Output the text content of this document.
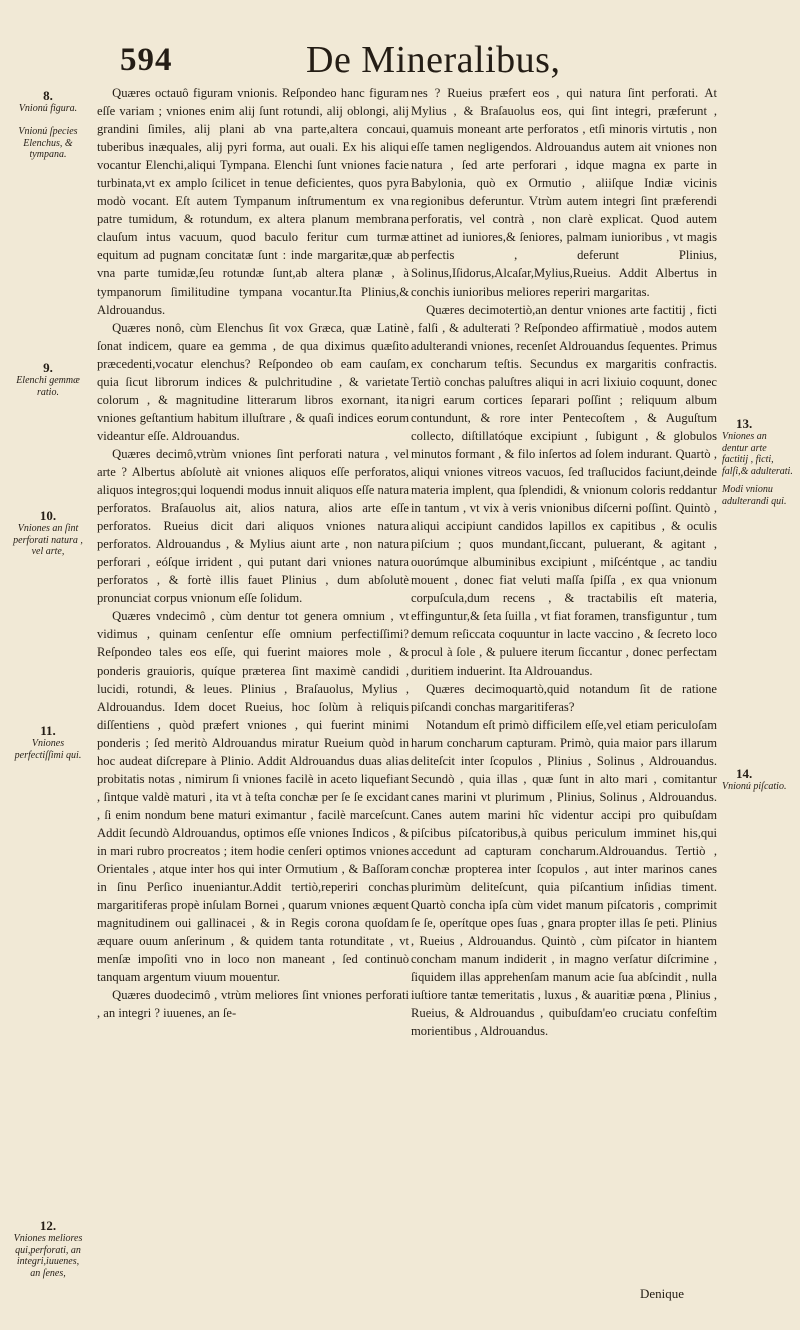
594	De Mineralibus,
8.
Vnionú figura.
Vnionú ſpecies Elenchus, & tympana.
9.
Elenchi gemmæ ratio.
10.
Vniones an ſint perforati natura , vel arte,
11.
Vniones perfectiſſimi qui.
12.
Vniones meliores qui,perforati, an integri,iuuenes, an ſenes,

Quæres octauô figuram vnionis. Reſpondeo hanc figuram eſſe variam ; vniones enim alij ſunt rotundi, alij oblongi, alij grandini ſimiles, alij plani ab vna parte,altera concaui, tuberibus inæquales, alij pyri forma, aut ouali. Ex his aliqui vocantur Elenchi,aliqui Tympana. Elenchi ſunt vniones facie turbinata,vt ex amplo ſcilicet in tenue deficientes, quos pyra modò vocant. Eſt autem Tympanum inſtrumentum ex vna patre tumidum, & rotundum, ex altera planum membrana clauſum intus vacuum, quod baculo feritur cum turmæ equitum ad pugnam concitatæ ſunt : inde margaritæ,quæ ab vna parte tumidæ,ſeu rotundæ ſunt,ab altera planæ , à tympanorum ſimilitudine tympana vocantur.Ita Plinius,& Aldrouandus.

Quæres nonô, cùm Elenchus ſit vox Græca, quæ Latinè ſonat indicem, quare ea gemma , de qua diximus quæſito præcedenti,vocatur elenchus? Reſpondeo ob eam cauſam, quia ſicut librorum indices & pulchritudine , & varietate colorum , & magnitudine litterarum libros exornant, ita vniones geſtantium habitum illuſtrare , & quaſi indices eorum videantur eſſe. Aldrouandus.

Quæres decimô,vtrùm vniones ſint perforati natura , vel arte ? Albertus abſolutè ait vniones aliquos eſſe perforatos, aliquos integros;qui loquendi modus innuit aliquos eſſe natura perforatos. Braſauolus ait, alios natura, alios arte eſſe perforatos. Rueius dicit dari aliquos vniones natura perforatos. Aldrouandus , & Mylius aiunt arte , non natura perforari , eóſque irrident , qui putant dari vniones natura perforatos , & fortè illis fauet Plinius , dum abſolutè pronunciat corpus vnionum eſſe ſolidum.

Quæres vndecimô , cùm dentur tot genera omnium , vt vidimus , quinam cenſentur eſſe omnium perfectiſſimi?Reſpondeo tales eos eſſe, qui fuerint maiores mole , & ponderis grauioris, quíque præterea ſint maximè candidi , lucidi, rotundi, & leues. Plinius , Braſauolus, Mylius , Aldrouandus. Idem docet Rueius, hoc ſolùm à reliquis diſſentiens , quòd præfert vniones , qui fuerint minimi ponderis ; ſed meritò Aldrouandus miratur Rueium quòd in hoc audeat diſcrepare à Plinio. Addit Aldrouandus duas alias probitatis notas , nimirum ſi vniones facilè in aceto liquefiant , ſintque valdè maturi , ita vt à teſta conchæ per ſe ſe excidant , ſi enim nondum bene maturi eximantur , facilè marceſcunt. Addit ſecundò Aldrouandus, optimos eſſe vniones Indicos , & in mari rubro procreatos ; item hodie cenſeri optimos vniones Orientales , atque inter hos qui inter Ormutium , & Baſſoram in ſinu Perſico inueniantur.Addit tertiò,reperiri conchas margaritiferas propè inſulam Bornei , quarum vniones æquent magnitudinem oui gallinacei , & in Regis corona quoſdam æquare ouum anſerinum , & quidem tanta rotunditate , vt menſæ impoſiti vno in loco non maneant , ſed continuò tanquam argentum viuum mouentur.

Quæres duodecimô , vtrùm meliores ſint vniones perforati , an integri ? iuuenes, an ſe-

nes ? Rueius præfert eos , qui natura ſint perforati. At Mylius , & Braſauolus eos, qui ſint integri, præferunt , quamuis moneant arte perforatos , etſi minoris virtutis , non eſſe tamen negligendos. Aldrouandus autem ait vniones non natura , ſed arte perforari , idque magna ex parte in Babylonia, quò ex Ormutio , aliiſque Indiæ vicinis regionibus deferuntur. Vtrùm autem integri ſint præferendi perforatis, vel contrà , non clarè explicat. Quod autem attinet ad iuniores,& ſeniores, palmam iunioribus , vt magis perfectis , deferunt Plinius, Solinus,Iſidorus,Alcaſar,Mylius,Rueius. Addit Albertus in conchis iunioribus meliores reperiri margaritas.

Quæres decimotertiò,an dentur vniones arte factitij , ficti , falſi , & adulterati ? Reſpondeo affirmatiuè , modos autem adulterandi vniones, recenſet Aldrouandus ſequentes. Primus ex concharum teſtis. Secundus ex margaritis confractis. Tertiò conchas paluſtres aliqui in acri lixiuio coquunt, donec nigri earum cortices ſeparari poſſint ; reliquum album contundunt, & rore inter Pentecoſtem , & Auguſtum collecto, diſtillatóque excipiunt , ſubigunt , & globulos minutos formant , & filo inſertos ad ſolem indurant. Quartò , aliqui vniones vitreos vacuos, ſed traſlucidos faciunt,deinde materia implent, qua ſplendidi, & vnionum coloris reddantur in tantum , vt vix à veris vnionibus diſcerni poſſint. Quintò , aliqui accipiunt candidos lapillos ex capitibus , & oculis piſcium ; quos mundant,ſiccant, puluerant, & agitant , ouorúmque albuminibus excipiunt , miſcéntque , ac tandiu mouent , donec fiat veluti maſſa ſpiſſa , ex qua vnionum corpuſcula,dum recens , & tractabilis eſt materia, effinguntur,& ſeta ſuilla , vt fiat foramen, transfiguntur , tum demum reſiccata coquuntur in lacte vaccino , & ſecreto loco procul à ſole , & puluere iterum ſiccantur , donec perfectam duritiem induerint. Ita Aldrouandus.

Quæres decimoquartò,quid notandum ſit de ratione piſcandi conchas margaritiferas?

Notandum eſt primò difficilem eſſe,vel etiam periculoſam harum concharum capturam. Primò, quia maior pars illarum delitеſcit inter ſcopulos , Plinius , Solinus , Aldrouandus. Secundò , quia illas , quæ ſunt in alto mari , comitantur canes marini vt plurimum , Plinius, Solinus , Aldrouandus. Canes autem marini hîc videntur accipi pro quibuſdam piſcibus piſcatoribus,à quibus periculum imminet his,qui accedunt ad capturam concharum.Aldrouandus. Tertiò , conchæ propterea inter ſcopulos , aut inter marinos canes plurimùm delitеſcunt, quia piſcantium inſidias timent. Quartò concha ipſa cùm videt manum piſcatoris , comprimit ſe ſe, operítque opes ſuas , gnara propter illas ſe peti. Plinius , Rueius , Aldrouandus. Quintò , cùm piſcator in hiantem concham manum indiderit , in magno verſatur diſcrimine , ſiquidem illas apprehenſam manum acie ſua abſcindit , nulla iuſtiore tantæ temeritatis , luxus , & auaritiæ pœna , Plinius , Rueius, & Aldrouandus , quibuſdam'eo cruciatu confeſtim morientibus , Aldrouandus.

13.
Vniones an dentur arte factitij , ficti, falſi,& adulterati.
Modi vnionu adulterandi qui.
14.
Vnionú piſcatio.
Denique
